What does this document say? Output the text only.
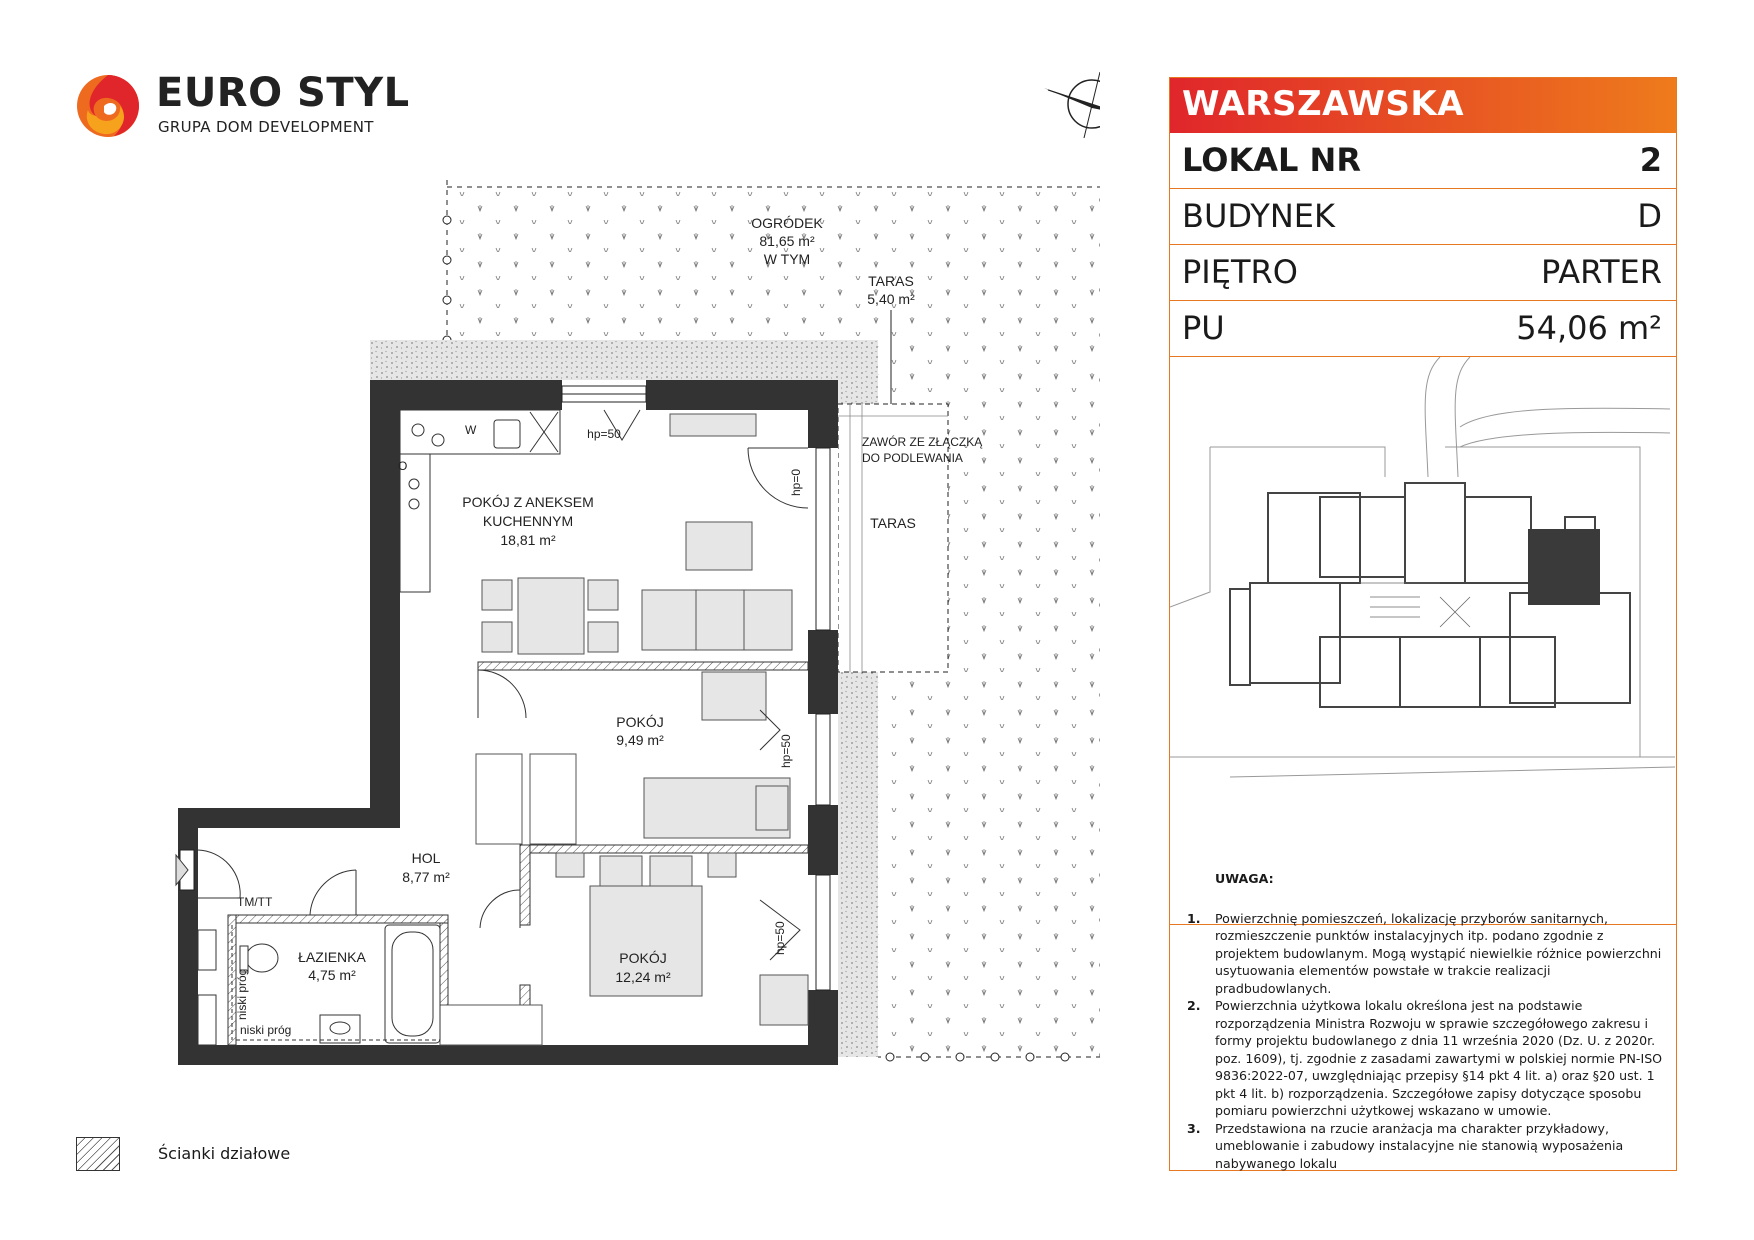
EURO STYL
GRUPA DOM DEVELOPMENT
OGRÓDEK
81,65 m²
W TYM
TARAS
5,40 m²
ZAWÓR ZE ZŁĄCZKĄ
DO PODLEWANIA
TARAS
POKÓJ Z ANEKSEM
KUCHENNYM
18,81 m²
POKÓJ
9,49 m²
POKÓJ
12,24 m²
HOL
8,77 m²
ŁAZIENKA
4,75 m²
hp=50
hp=0
hp=50
hp=50
TM/TT
niski próg
niski próg
W
O
Ścianki działowe
WARSZAWSKA
LOKAL NR	2
BUDYNEK	D
PIĘTRO	PARTER
PU	54,06 m²
UWAGA:
1. Powierzchnię pomieszczeń, lokalizację przyborów sanitarnych, rozmieszczenie punktów instalacyjnych itp. podano zgodnie z projektem budowlanym. Mogą wystąpić niewielkie różnice powierzchni usytuowania elementów powstałe w trakcie realizacji pradbudowlanych.
2. Powierzchnia użytkowa lokalu określona jest na podstawie rozporządzenia Ministra Rozwoju w sprawie szczegółowego zakresu i formy projektu budowlanego z dnia 11 września 2020 (Dz. U. z 2020r. poz. 1609), tj. zgodnie z zasadami zawartymi w polskiej normie PN-ISO 9836:2022-07, uwzględniając przepisy §14 pkt 4 lit. a) oraz §20 ust. 1 pkt 4 lit. b) rozporządzenia. Szczegółowe zapisy dotyczące sposobu pomiaru powierzchni użytkowej wskazano w umowie.
3. Przedstawiona na rzucie aranżacja ma charakter przykładowy, umeblowanie i zabudowy instalacyjne nie stanowią wyposażenia nabywanego lokalu
